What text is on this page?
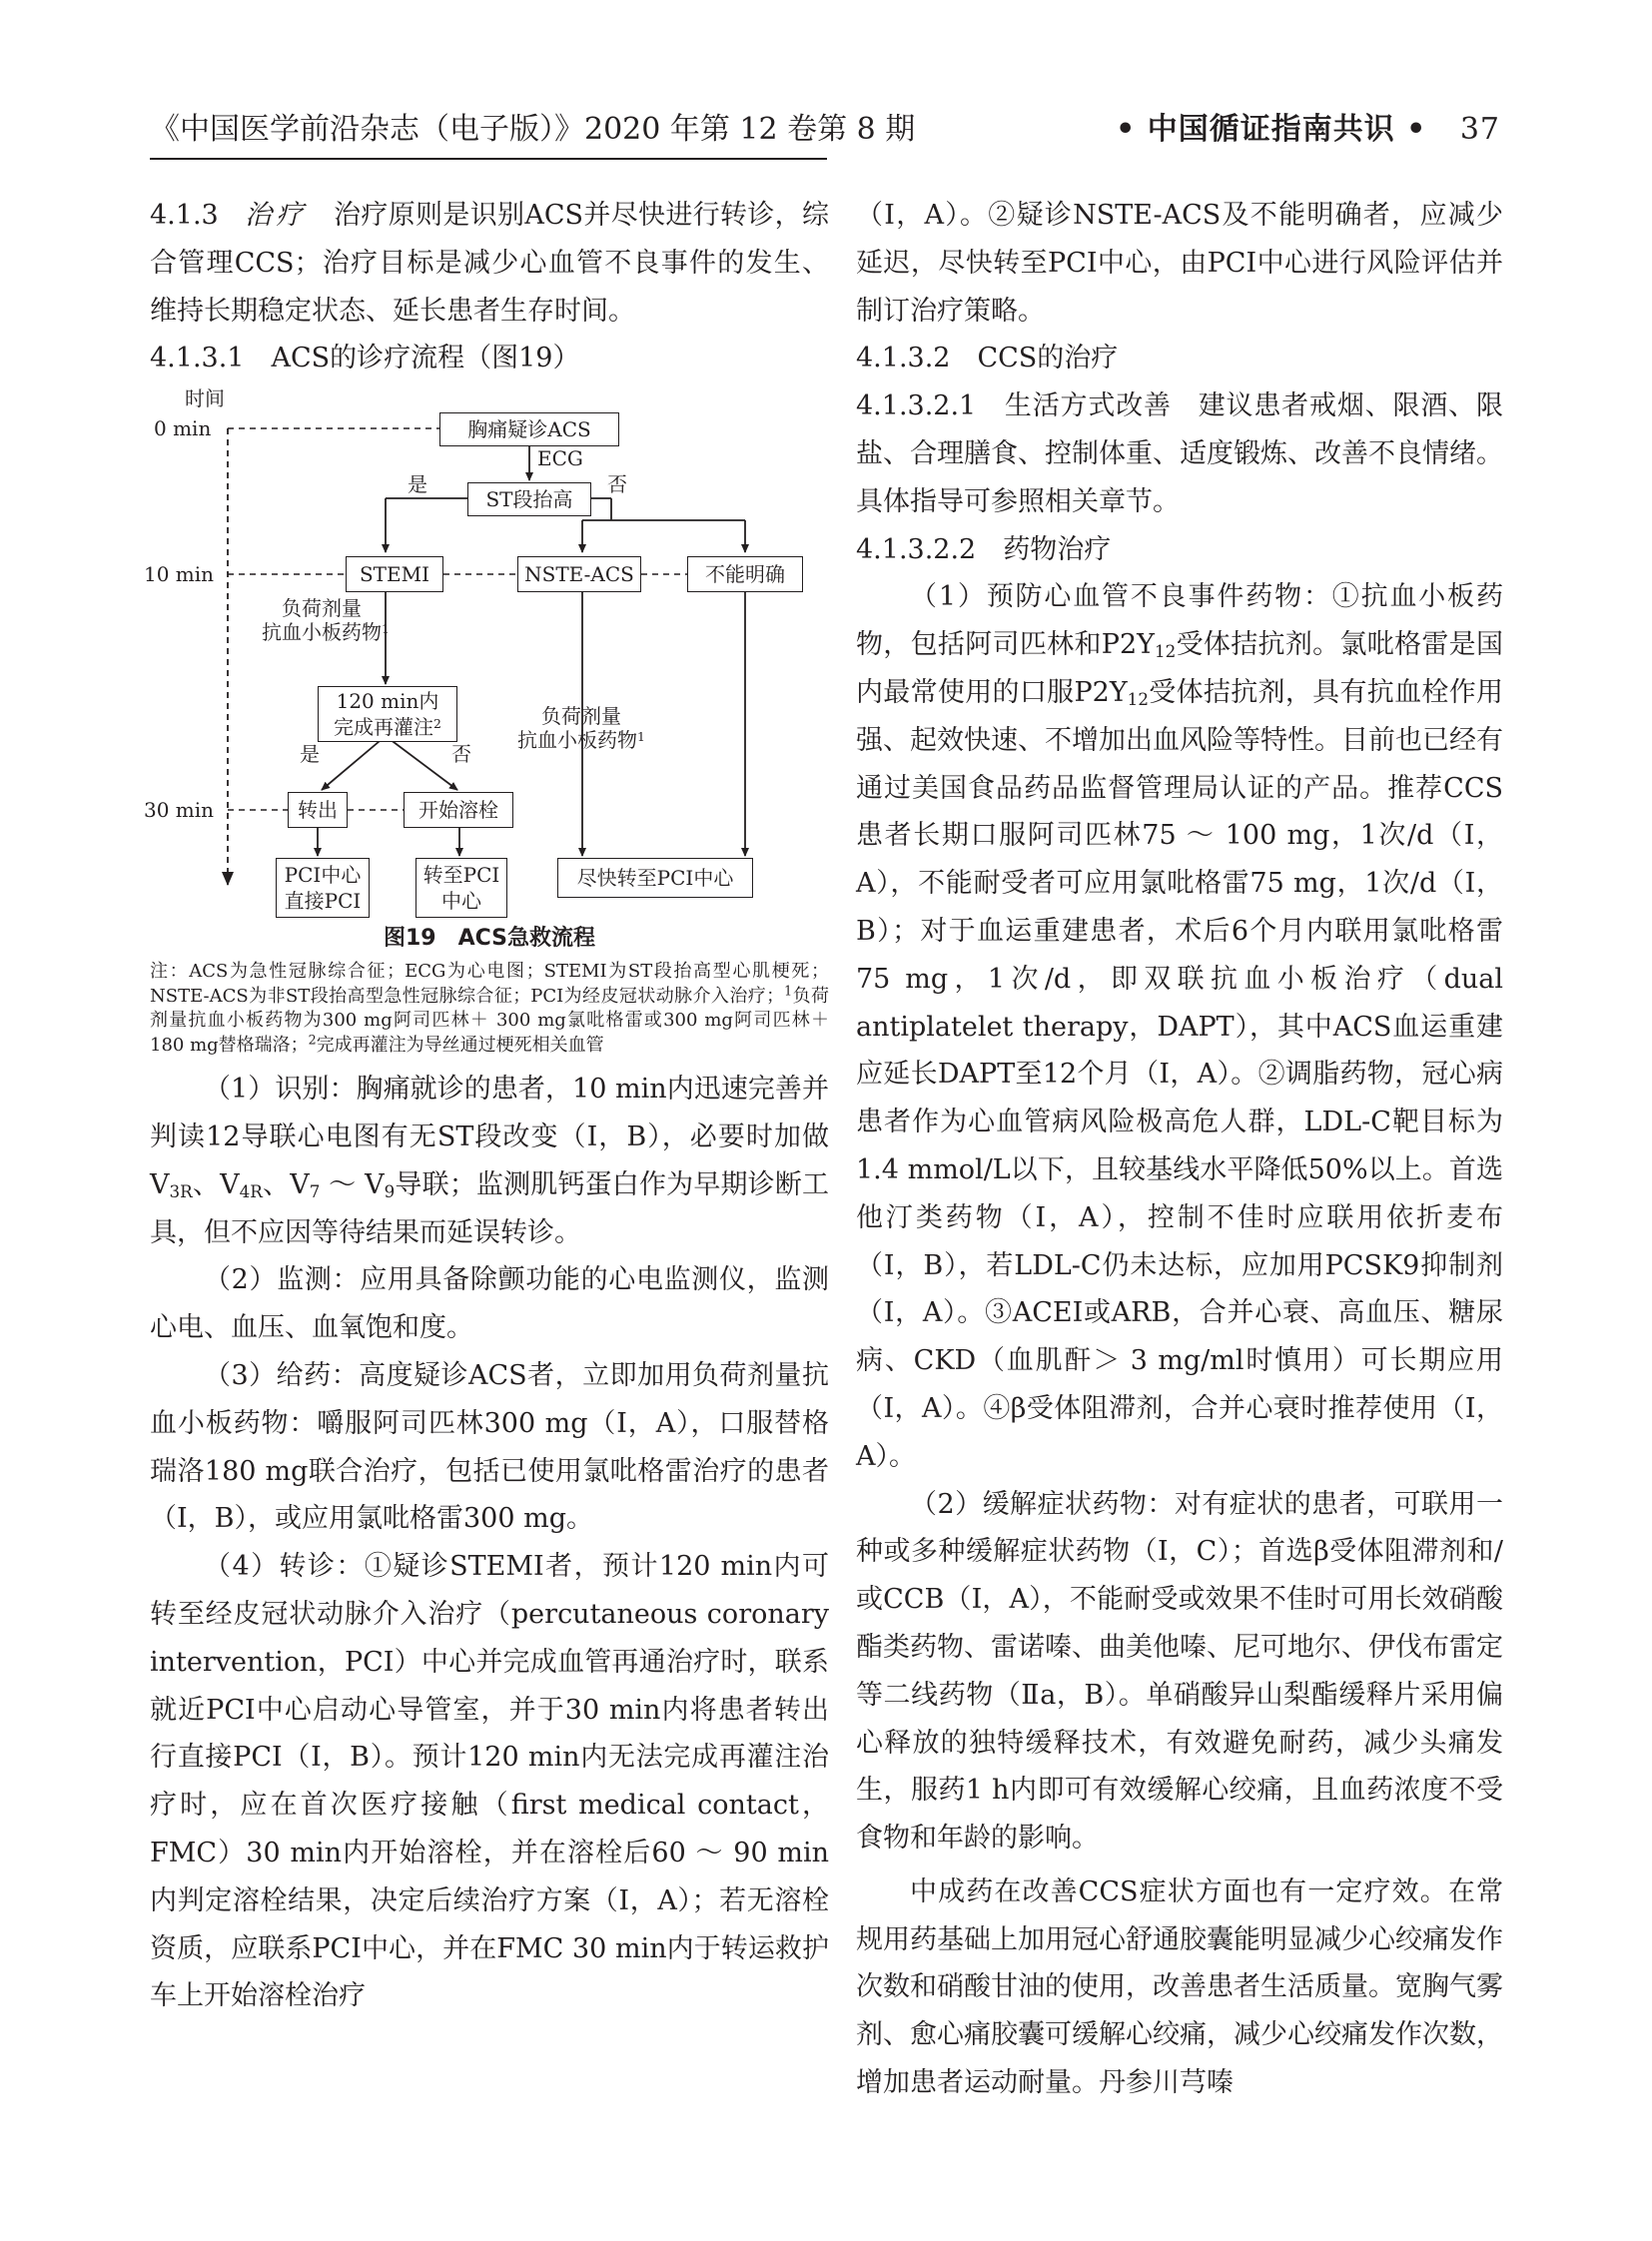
《中国医学前沿杂志（电子版）》2020 年第 12 卷第 8 期	• 中国循证指南共识 • 37

4.1.3 治疗 治疗原则是识别ACS并尽快进行转诊，综合管理CCS；治疗目标是减少心血管不良事件的发生、维持长期稳定状态、延长患者生存时间。

4.1.3.1　ACS的诊疗流程（图19）

时间
0 min
10 min
30 min
胸痛疑诊ACS
ECG
ST段抬高
是	否
STEMI	NSTE-ACS	不能明确
负荷剂量
抗血小板药物$^1$
120 min内
完成再灌注$^2$
是	否
负荷剂量
抗血小板药物$^1$
转出	开始溶栓
PCI中心
直接PCI
转至PCI
中心
尽快转至PCI中心
图19　ACS急救流程
注：ACS为急性冠脉综合征；ECG为心电图；STEMI为ST段抬高型心肌梗死；NSTE-ACS为非ST段抬高型急性冠脉综合征；PCI为经皮冠状动脉介入治疗；$^1$负荷剂量抗血小板药物为300 mg阿司匹林＋ 300 mg氯吡格雷或300 mg阿司匹林＋ 180 mg替格瑞洛；$^2$完成再灌注为导丝通过梗死相关血管

（1）识别：胸痛就诊的患者，10 min内迅速完善并判读12导联心电图有无ST段改变（Ⅰ，B），必要时加做$V_{3R}$、$V_{4R}$、$V_7$ ～ $V_9$导联；监测肌钙蛋白作为早期诊断工具，但不应因等待结果而延误转诊。

（2）监测：应用具备除颤功能的心电监测仪，监测心电、血压、血氧饱和度。

（3）给药：高度疑诊ACS者，立即加用负荷剂量抗血小板药物：嚼服阿司匹林300 mg（Ⅰ，A），口服替格瑞洛180 mg联合治疗，包括已使用氯吡格雷治疗的患者（Ⅰ，B），或应用氯吡格雷300 mg。

（4）转诊：①疑诊STEMI者，预计120 min内可转至经皮冠状动脉介入治疗（percutaneous coronary intervention，PCI）中心并完成血管再通治疗时，联系就近PCI中心启动心导管室，并于30 min内将患者转出行直接PCI（Ⅰ，B）。预计120 min内无法完成再灌注治疗时，应在首次医疗接触（first medical contact，FMC）30 min内开始溶栓，并在溶栓后60 ～ 90 min内判定溶栓结果，决定后续治疗方案（Ⅰ，A）；若无溶栓资质，应联系PCI中心，并在FMC 30 min内于转运救护车上开始溶栓治疗

（Ⅰ，A）。②疑诊NSTE-ACS及不能明确者，应减少延迟，尽快转至PCI中心，由PCI中心进行风险评估并制订治疗策略。

4.1.3.2　CCS的治疗

4.1.3.2.1　生活方式改善 建议患者戒烟、限酒、限盐、合理膳食、控制体重、适度锻炼、改善不良情绪。具体指导可参照相关章节。

4.1.3.2.2　药物治疗

（1）预防心血管不良事件药物：①抗血小板药物，包括阿司匹林和$P2Y_{12}$受体拮抗剂。氯吡格雷是国内最常使用的口服$P2Y_{12}$受体拮抗剂，具有抗血栓作用强、起效快速、不增加出血风险等特性。目前也已经有通过美国食品药品监督管理局认证的产品。推荐CCS患者长期口服阿司匹林75 ～ 100 mg，1次/d（Ⅰ，A），不能耐受者可应用氯吡格雷75 mg，1次/d（Ⅰ，B）；对于血运重建患者，术后6个月内联用氯吡格雷75 mg，1次/d，即双联抗血小板治疗（dual antiplatelet therapy，DAPT），其中ACS血运重建应延长DAPT至12个月（Ⅰ，A）。②调脂药物，冠心病患者作为心血管病风险极高危人群，LDL-C靶目标为1.4 mmol/L以下，且较基线水平降低50%以上。首选他汀类药物（Ⅰ，A），控制不佳时应联用依折麦布（Ⅰ，B），若LDL-C仍未达标，应加用PCSK9抑制剂（Ⅰ，A）。③ACEI或ARB，合并心衰、高血压、糖尿病、CKD（血肌酐＞ 3 mg/ml时慎用）可长期应用（Ⅰ，A）。④β受体阻滞剂，合并心衰时推荐使用（Ⅰ，A）。

（2）缓解症状药物：对有症状的患者，可联用一种或多种缓解症状药物（Ⅰ，C）；首选β受体阻滞剂和/或CCB（Ⅰ，A），不能耐受或效果不佳时可用长效硝酸酯类药物、雷诺嗪、曲美他嗪、尼可地尔、伊伐布雷定等二线药物（Ⅱa，B）。单硝酸异山梨酯缓释片采用偏心释放的独特缓释技术，有效避免耐药，减少头痛发生，服药1 h内即可有效缓解心绞痛，且血药浓度不受食物和年龄的影响。

中成药在改善CCS症状方面也有一定疗效。在常规用药基础上加用冠心舒通胶囊能明显减少心绞痛发作次数和硝酸甘油的使用，改善患者生活质量。宽胸气雾剂、愈心痛胶囊可缓解心绞痛，减少心绞痛发作次数，增加患者运动耐量。丹参川芎嗪
